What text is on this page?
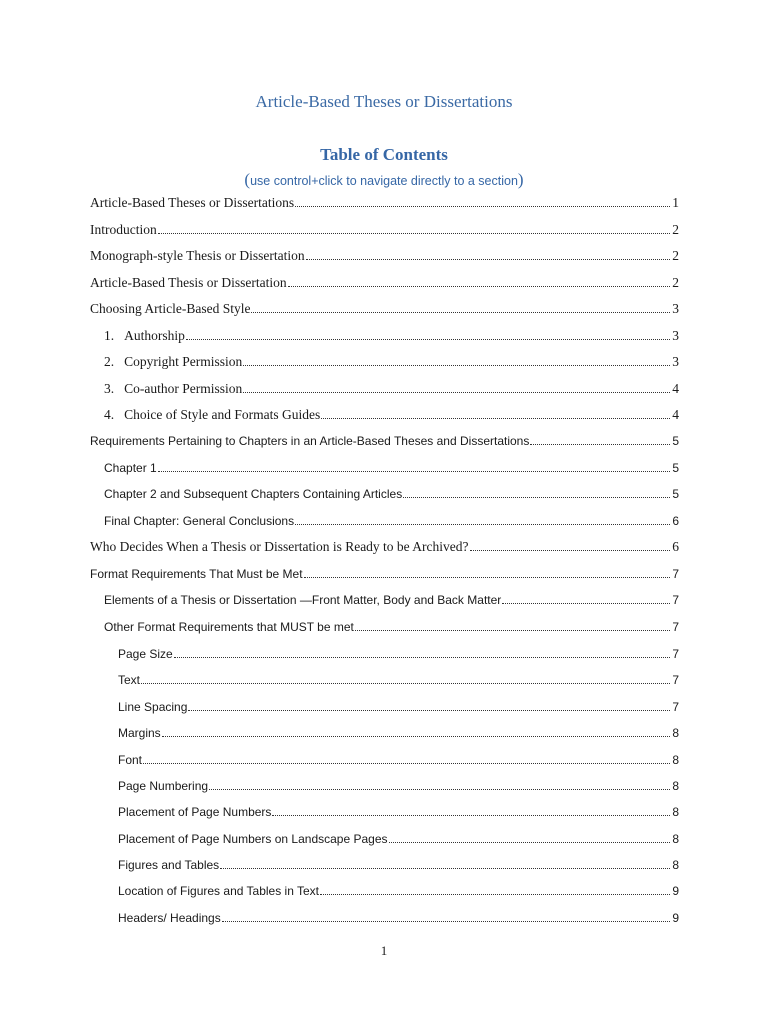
Article-Based Theses or Dissertations
Table of Contents
(use control+click to navigate directly to a section)
Article-Based Theses or Dissertations	1
Introduction	2
Monograph-style Thesis or Dissertation	2
Article-Based Thesis or Dissertation	2
Choosing Article-Based Style	3
1. Authorship	3
2. Copyright Permission	3
3. Co-author Permission	4
4. Choice of Style and Formats Guides	4
Requirements Pertaining to Chapters in an Article-Based Theses and Dissertations	5
Chapter 1	5
Chapter 2 and Subsequent Chapters Containing Articles	5
Final Chapter: General Conclusions	6
Who Decides When a Thesis or Dissertation is Ready to be Archived?	6
Format Requirements That Must be Met	7
Elements of a Thesis or Dissertation —Front Matter, Body and Back Matter	7
Other Format Requirements that MUST be met	7
Page Size	7
Text	7
Line Spacing	7
Margins	8
Font	8
Page Numbering	8
Placement of Page Numbers	8
Placement of Page Numbers on Landscape Pages	8
Figures and Tables	8
Location of Figures and Tables in Text	9
Headers/ Headings	9
1
